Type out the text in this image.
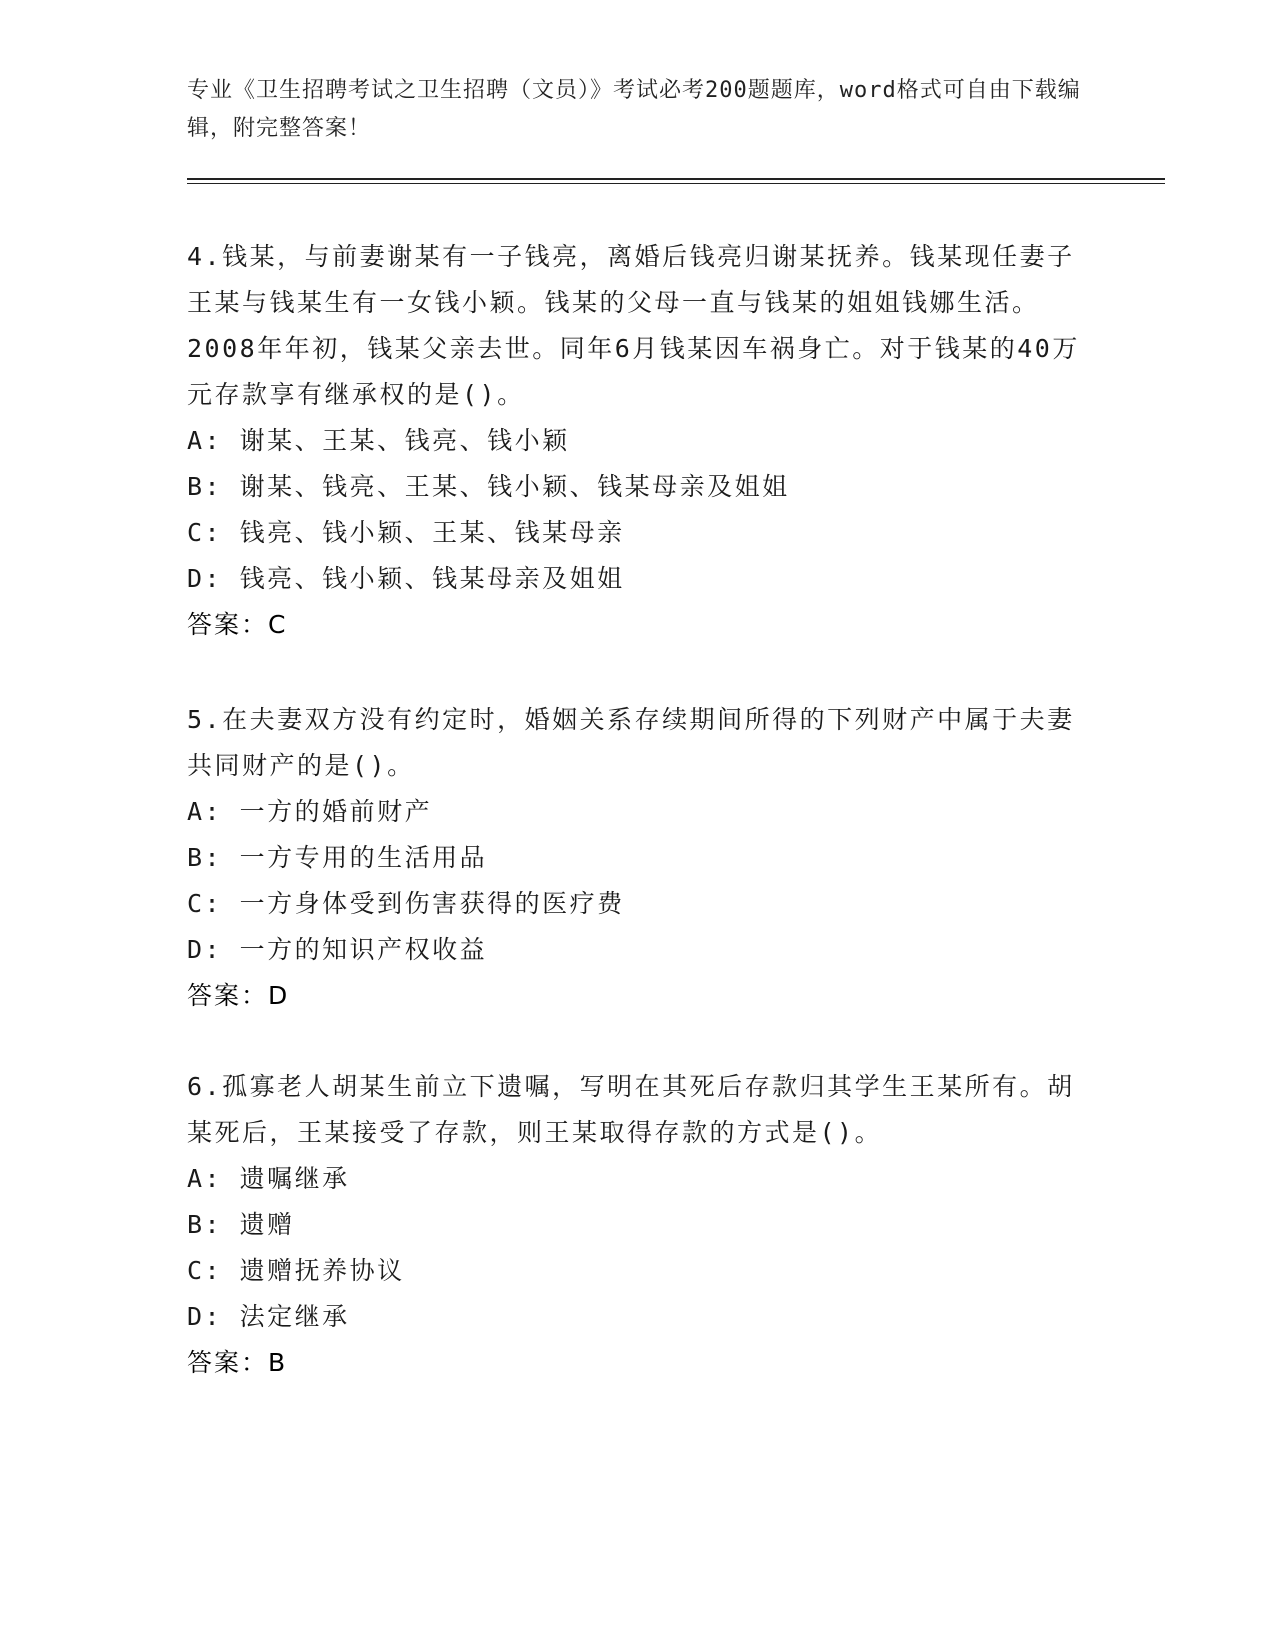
专业《卫生招聘考试之卫生招聘（文员）》考试必考200题题库，word格式可自由下载编辑，附完整答案！
4.钱某，与前妻谢某有一子钱亮，离婚后钱亮归谢某抚养。钱某现任妻子王某与钱某生有一女钱小颖。钱某的父母一直与钱某的姐姐钱娜生活。2008年年初，钱某父亲去世。同年6月钱某因车祸身亡。对于钱某的40万元存款享有继承权的是()。
A: 谢某、王某、钱亮、钱小颖
B: 谢某、钱亮、王某、钱小颖、钱某母亲及姐姐
C: 钱亮、钱小颖、王某、钱某母亲
D: 钱亮、钱小颖、钱某母亲及姐姐
答案：C
5.在夫妻双方没有约定时，婚姻关系存续期间所得的下列财产中属于夫妻共同财产的是()。
A: 一方的婚前财产
B: 一方专用的生活用品
C: 一方身体受到伤害获得的医疗费
D: 一方的知识产权收益
答案：D
6.孤寡老人胡某生前立下遗嘱，写明在其死后存款归其学生王某所有。胡某死后，王某接受了存款，则王某取得存款的方式是()。
A: 遗嘱继承
B: 遗赠
C: 遗赠抚养协议
D: 法定继承
答案：B
